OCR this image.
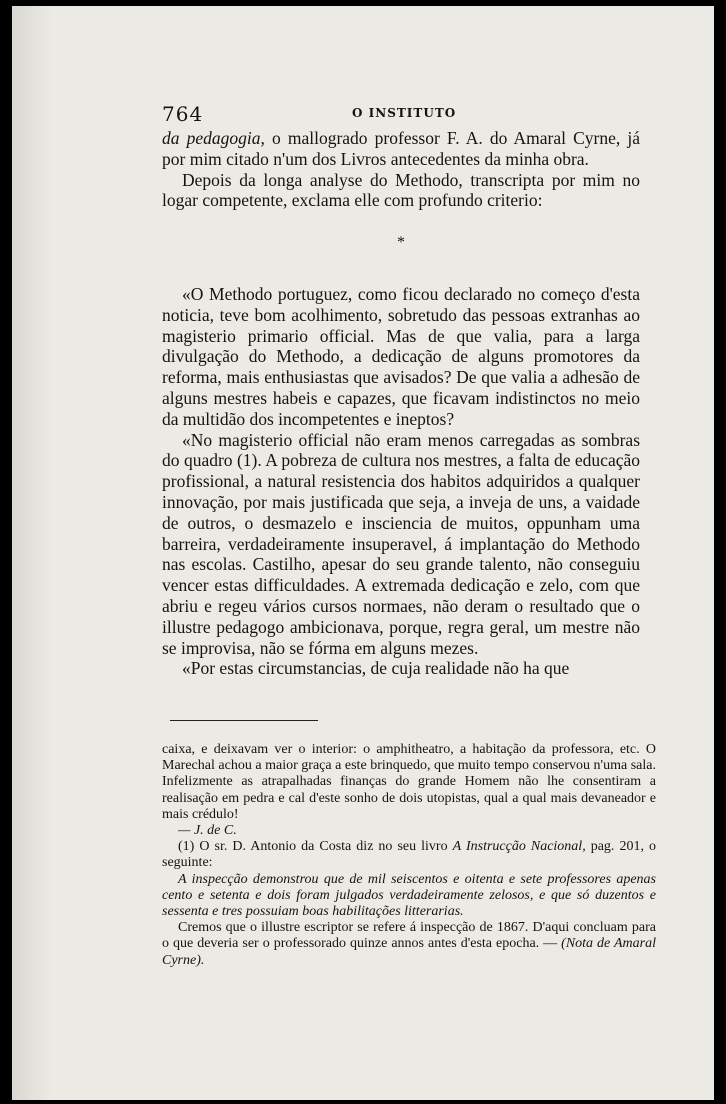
764	O INSTITUTO

da pedagogia, o mallogrado professor F. A. do Amaral Cyrne, já por mim citado n'um dos Livros antecedentes da minha obra.

Depois da longa analyse do Methodo, transcripta por mim no logar competente, exclama elle com profundo criterio:

*

«O Methodo portuguez, como ficou declarado no começo d'esta noticia, teve bom acolhimento, sobretudo das pessoas extranhas ao magisterio primario official. Mas de que valia, para a larga divulgação do Methodo, a dedicação de alguns promotores da reforma, mais enthusiastas que avisados? De que valia a adhesão de alguns mestres habeis e capazes, que ficavam indistinctos no meio da multidão dos incompetentes e ineptos?

«No magisterio official não eram menos carregadas as sombras do quadro (1). A pobreza de cultura nos mestres, a falta de educação profissional, a natural resistencia dos habitos adquiridos a qualquer innovação, por mais justificada que seja, a inveja de uns, a vaidade de outros, o desmazelo e insciencia de muitos, oppunham uma barreira, verdadeiramente insuperavel, á implantação do Methodo nas escolas. Castilho, apesar do seu grande talento, não conseguiu vencer estas difficuldades. A extremada dedicação e zelo, com que abriu e regeu vários cursos normaes, não deram o resultado que o illustre pedagogo ambicionava, porque, regra geral, um mestre não se improvisa, não se fórma em alguns mezes.

«Por estas circumstancias, de cuja realidade não ha que

caixa, e deixavam ver o interior: o amphitheatro, a habitação da professora, etc. O Marechal achou a maior graça a este brinquedo, que muito tempo conservou n'uma sala. Infelizmente as atrapalhadas finanças do grande Homem não lhe consentiram a realisação em pedra e cal d'este sonho de dois utopistas, qual a qual mais devaneador e mais crédulo!

— J. de C.

(1) O sr. D. Antonio da Costa diz no seu livro A Instrucção Nacional, pag. 201, o seguinte:

A inspecção demonstrou que de mil seiscentos e oitenta e sete professores apenas cento e setenta e dois foram julgados verdadeiramente zelosos, e que só duzentos e sessenta e tres possuiam boas habilitações litterarias.

Cremos que o illustre escriptor se refere á inspecção de 1867. D'aqui concluam para o que deveria ser o professorado quinze annos antes d'esta epocha. — (Nota de Amaral Cyrne).
